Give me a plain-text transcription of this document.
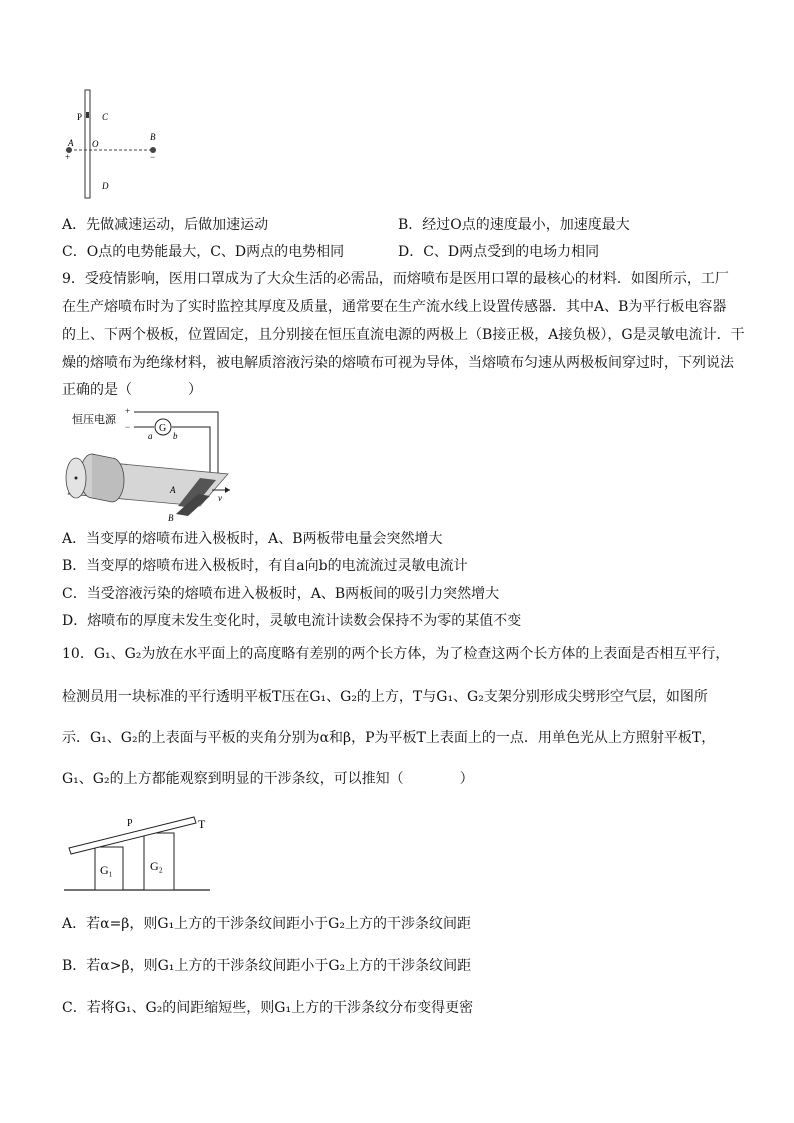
P C
A O
B
+	−
D
A．先做减速运动，后做加速运动	B．经过O点的速度最小，加速度最大
C．O点的电势能最大，C、D两点的电势相同	D．C、D两点受到的电场力相同
9．受疫情影响，医用口罩成为了大众生活的必需品，而熔喷布是医用口罩的最核心的材料．如图所示，工厂
在生产熔喷布时为了实时监控其厚度及质量，通常要在生产流水线上设置传感器．其中A、B为平行板电容器
的上、下两个极板，位置固定，且分别接在恒压直流电源的两极上（B接正极，A接负极），G是灵敏电流计．干
燥的熔喷布为绝缘材料，被电解质溶液污染的熔喷布可视为导体，当熔喷布匀速从两极板间穿过时，下列说法
正确的是（　　　　）
恒压电源
+
−	G
a b
A
B
v
A．当变厚的熔喷布进入极板时，A、B两板带电量会突然增大
B．当变厚的熔喷布进入极板时，有自a向b的电流流过灵敏电流计
C．当受溶液污染的熔喷布进入极板时，A、B两板间的吸引力突然增大
D．熔喷布的厚度未发生变化时，灵敏电流计读数会保持不为零的某值不变
10．G₁、G₂为放在水平面上的高度略有差别的两个长方体，为了检查这两个长方体的上表面是否相互平行，
检测员用一块标准的平行透明平板T压在G₁、G₂的上方，T与G₁、G₂支架分别形成尖劈形空气层，如图所
示．G₁、G₂的上表面与平板的夹角分别为α和β，P为平板T上表面上的一点．用单色光从上方照射平板T，
G₁、G₂的上方都能观察到明显的干涉条纹，可以推知（　　　　）
P	T
G₁	G₂
A．若α=β，则G₁上方的干涉条纹间距小于G₂上方的干涉条纹间距
B．若α>β，则G₁上方的干涉条纹间距小于G₂上方的干涉条纹间距
C．若将G₁、G₂的间距缩短些，则G₁上方的干涉条纹分布变得更密
